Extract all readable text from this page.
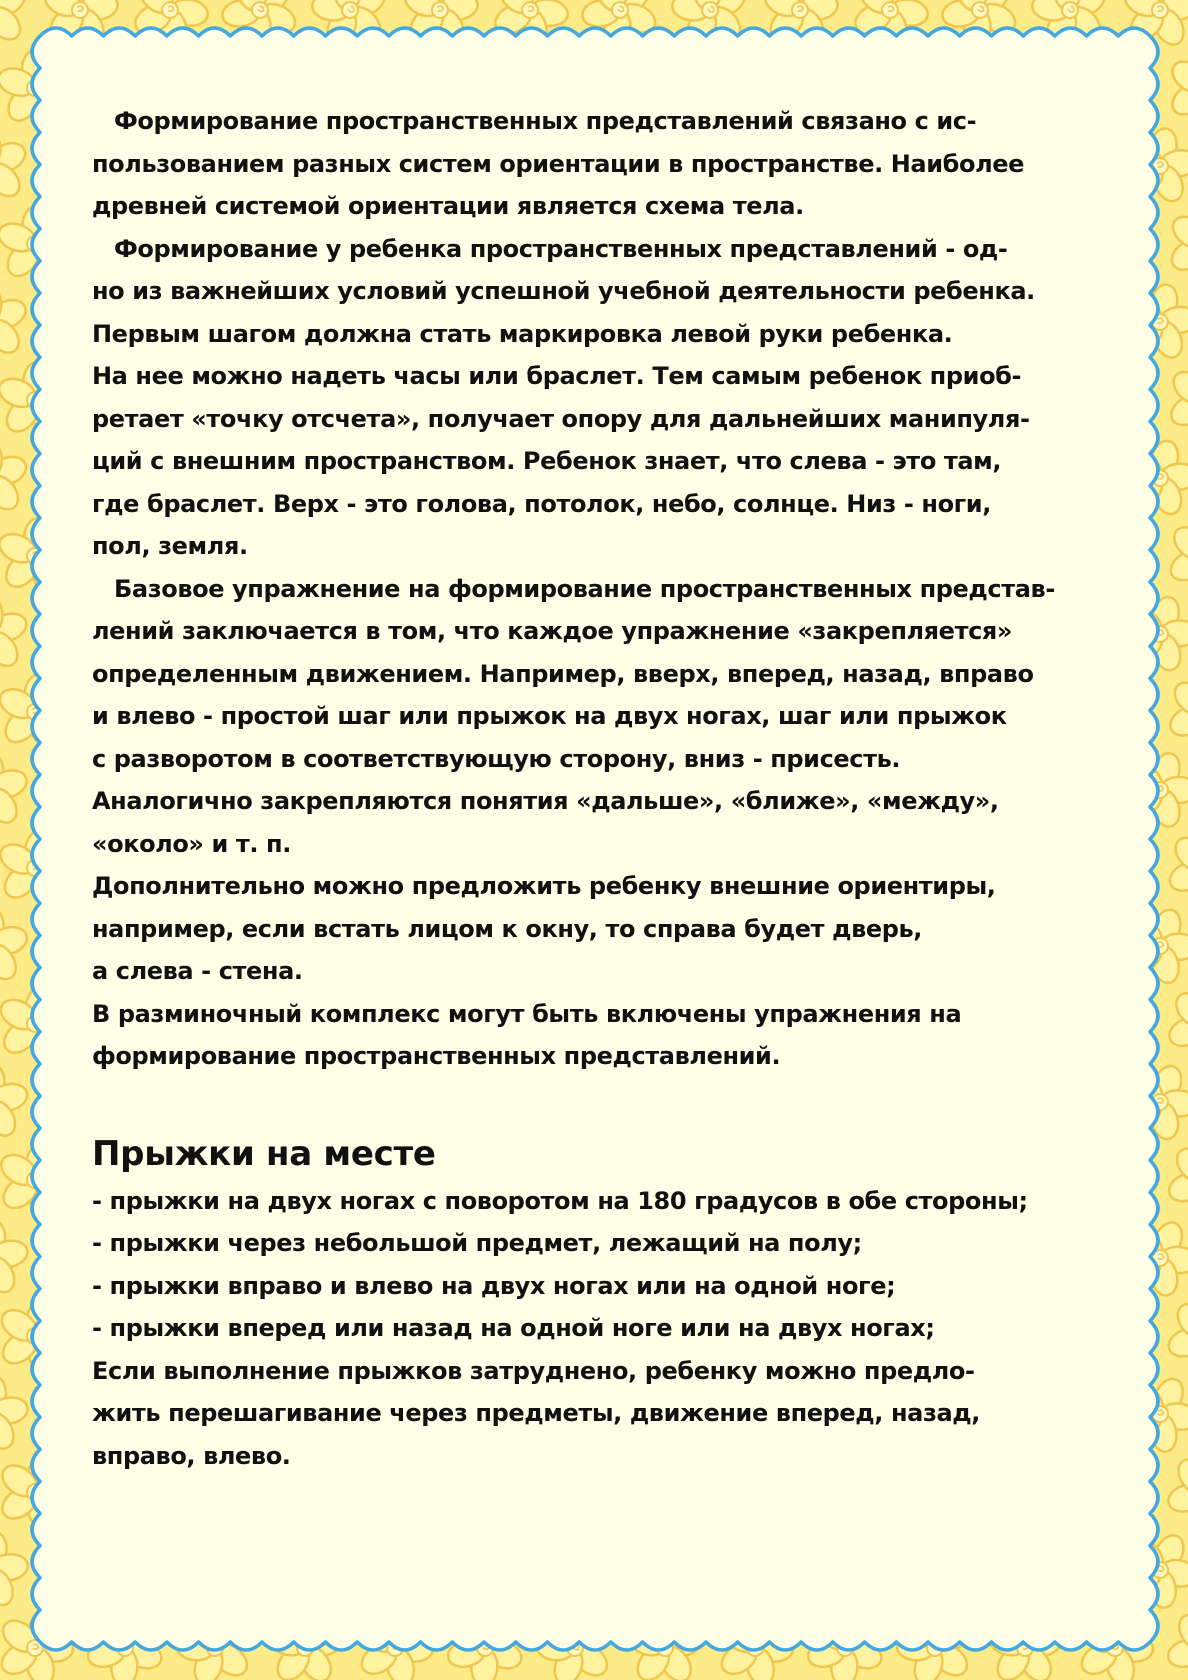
Формирование пространственных представлений связано с ис-
пользованием разных систем ориентации в пространстве. Наиболее
древней системой ориентации является схема тела.
Формирование у ребенка пространственных представлений - од-
но из важнейших условий успешной учебной деятельности ребенка.
Первым шагом должна стать маркировка левой руки ребенка.
На нее можно надеть часы или браслет. Тем самым ребенок приоб-
ретает «точку отсчета», получает опору для дальнейших манипуля-
ций с внешним пространством. Ребенок знает, что слева - это там,
где браслет. Верх - это голова, потолок, небо, солнце. Низ - ноги,
пол, земля.
Базовое упражнение на формирование пространственных представ-
лений заключается в том, что каждое упражнение «закрепляется»
определенным движением. Например, вверх, вперед, назад, вправо
и влево - простой шаг или прыжок на двух ногах, шаг или прыжок
с разворотом в соответствующую сторону, вниз - присесть.
Аналогично закрепляются понятия «дальше», «ближе», «между»,
«около» и т. п.
Дополнительно можно предложить ребенку внешние ориентиры,
например, если встать лицом к окну, то справа будет дверь,
а слева - стена.
В разминочный комплекс могут быть включены упражнения на
формирование пространственных представлений.
Прыжки на месте
- прыжки на двух ногах с поворотом на 180 градусов в обе стороны;
- прыжки через небольшой предмет, лежащий на полу;
- прыжки вправо и влево на двух ногах или на одной ноге;
- прыжки вперед или назад на одной ноге или на двух ногах;
Если выполнение прыжков затруднено, ребенку можно предло-
жить перешагивание через предметы, движение вперед, назад,
вправо, влево.
